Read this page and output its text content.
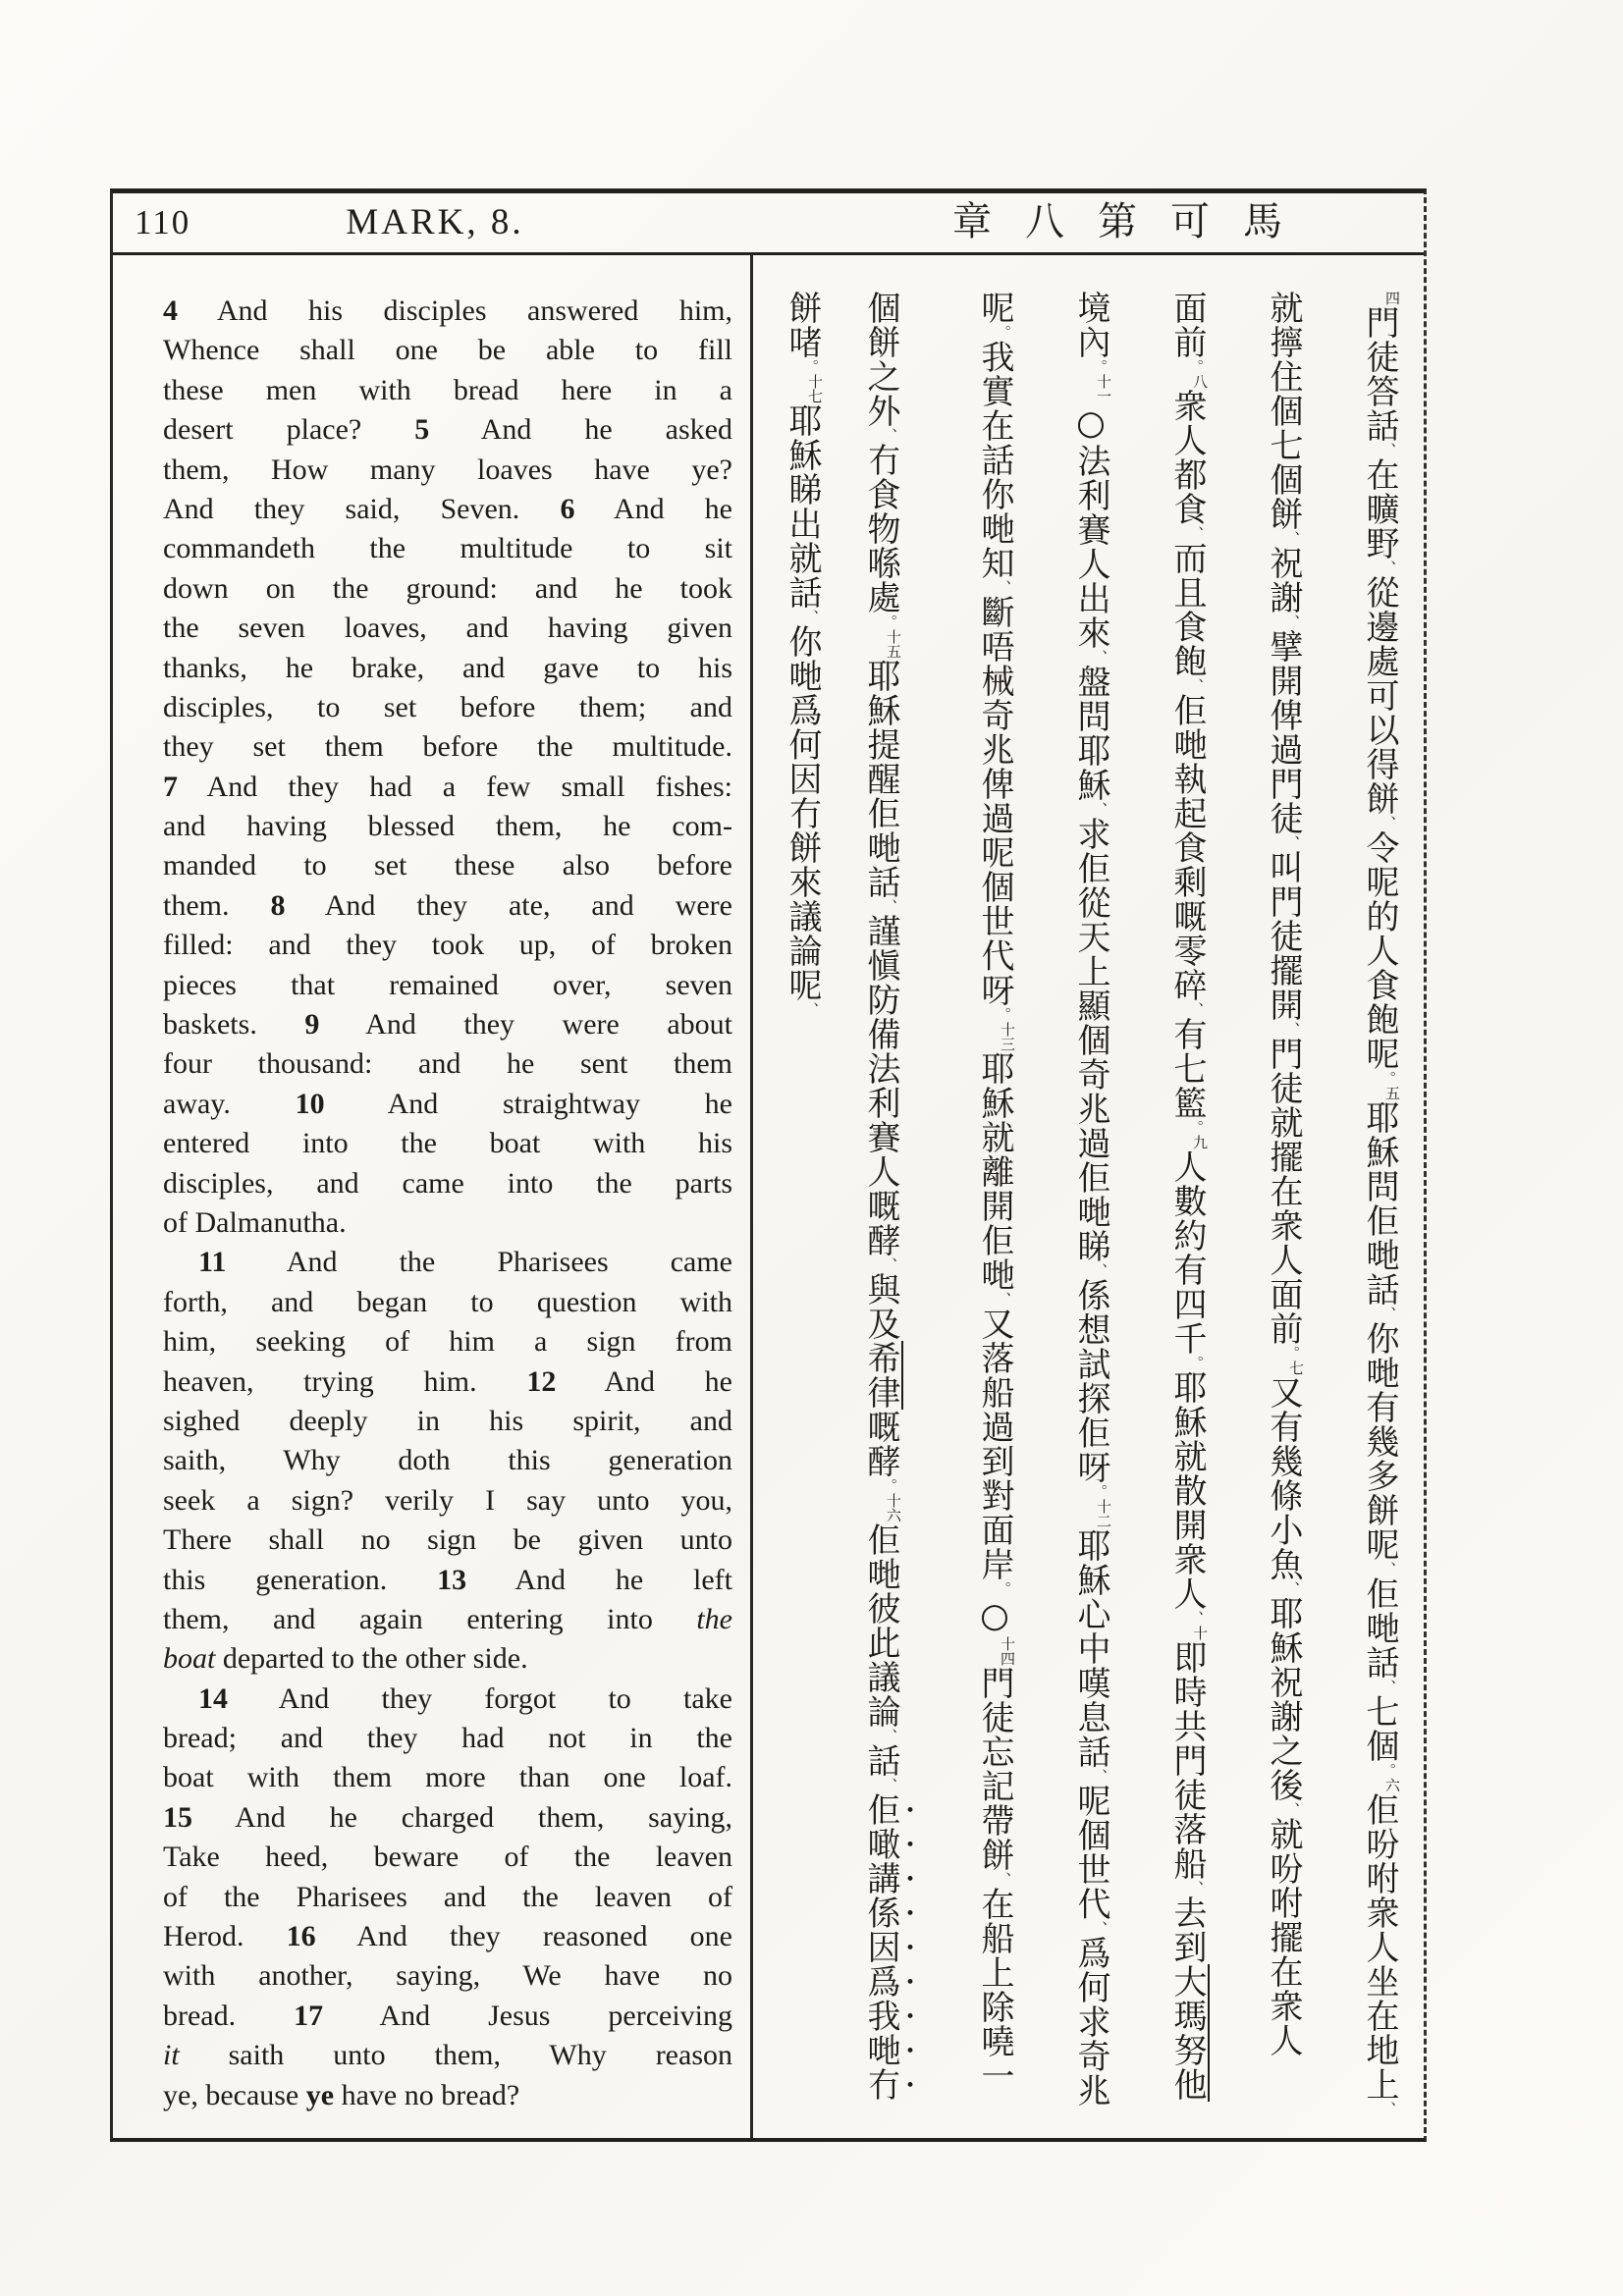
110	MARK, 8.	章八第可馬
4 And his disciples answered him,
Whence shall one be able to fill
these men with bread here in a
desert place? 5 And he asked
them, How many loaves have ye?
And they said, Seven. 6 And he
commandeth the multitude to sit
down on the ground: and he took
the seven loaves, and having given
thanks, he brake, and gave to his
disciples, to set before them; and
they set them before the multitude.
7 And they had a few small fishes:
and having blessed them, he com-
manded to set these also before
them. 8 And they ate, and were
filled: and they took up, of broken
pieces that remained over, seven
baskets. 9 And they were about
four thousand: and he sent them
away. 10 And straightway he
entered into the boat with his
disciples, and came into the parts
of Dalmanutha.
11 And the Pharisees came
forth, and began to question with
him, seeking of him a sign from
heaven, trying him. 12 And he
sighed deeply in his spirit, and
saith, Why doth this generation
seek a sign? verily I say unto you,
There shall no sign be given unto
this generation. 13 And he left
them, and again entering into the
boat departed to the other side.
14 And they forgot to take
bread; and they had not in the
boat with them more than one loaf.
15 And he charged them, saying,
Take heed, beware of the leaven
of the Pharisees and the leaven of
Herod. 16 And they reasoned one
with another, saying, We have no
bread. 17 And Jesus perceiving
it saith unto them, Why reason
ye, because ye have no bread?
四門徒答話、在曠野、從邊處可以得餅、令呢的人食飽呢。五耶穌問佢哋話、你哋有幾多餅呢、佢哋話、七個。六佢吩咐衆人坐在地上、
就擰住個七個餅、祝謝、擘開俾過門徒、叫門徒擺開、門徒就擺在衆人面前。七又有幾條小魚、耶穌祝謝之後、就吩咐擺在衆人
面前。八衆人都食、而且食飽、佢哋執起食剩嘅零碎、有七籃。九人數約有四千。耶穌就散開衆人、十即時共門徒落船、去到大瑪努他
境內。十一○法利賽人出來、盤問耶穌、求佢從天上顯個奇兆過佢哋睇、係想試探佢呀。十二耶穌心中嘆息話、呢個世代、爲何求奇兆
呢。我實在話你哋知、斷唔械奇兆俾過呢個世代呀。十三耶穌就離開佢哋、又落船過到對面岸。○十四門徒忘記帶餅、在船上除嘵一
個餅之外、冇食物喺處。十五耶穌提醒佢哋話、謹愼防備法利賽人嘅酵、與及希律嘅酵。十六佢哋彼此議論、話、佢噉講係因爲我哋冇
餅啫。十七耶穌睇出就話、你哋爲何因冇餅來議論呢、
